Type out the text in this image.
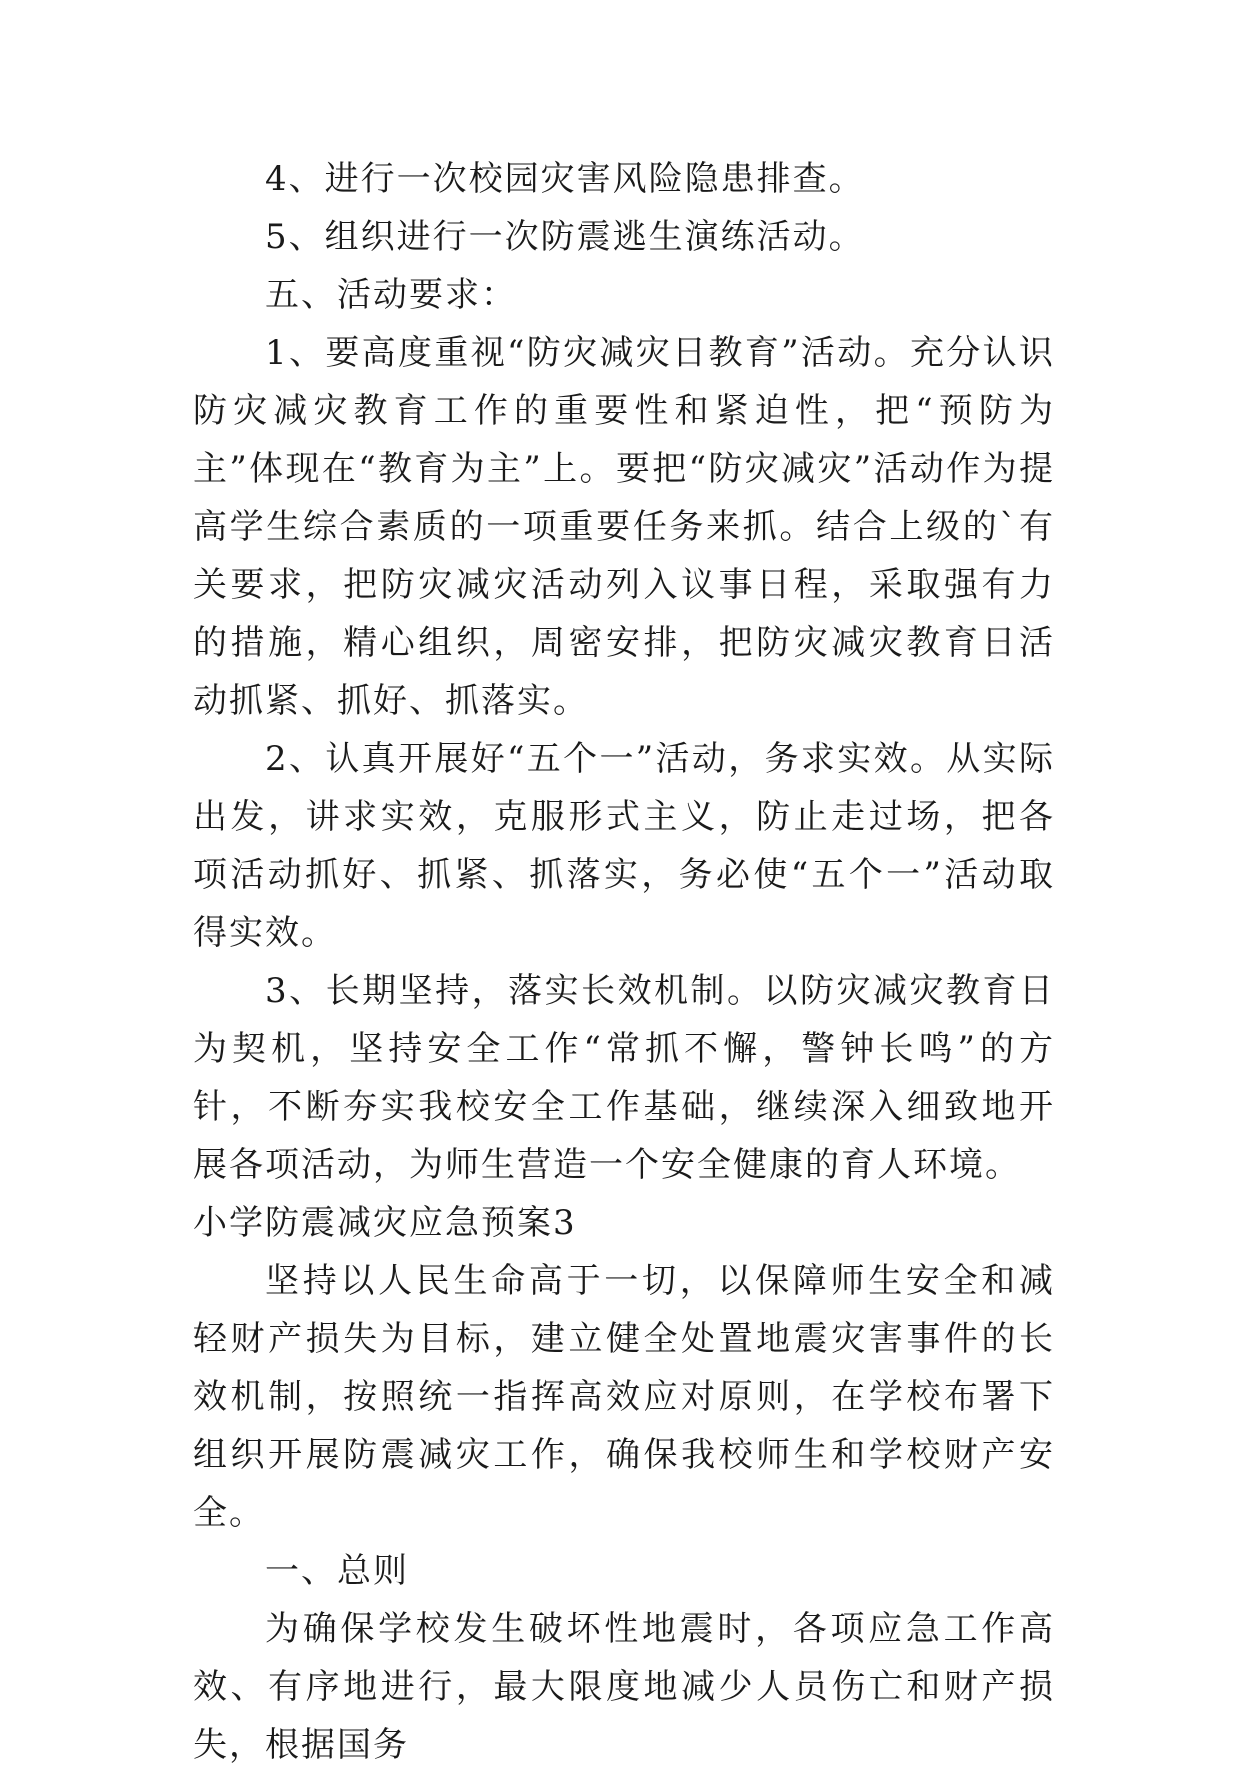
4、进行一次校园灾害风险隐患排查。

5、组织进行一次防震逃生演练活动。

五、活动要求：

1、要高度重视“防灾减灾日教育”活动。充分认识防灾减灾教育工作的重要性和紧迫性，把“预防为主”体现在“教育为主”上。要把“防灾减灾”活动作为提高学生综合素质的一项重要任务来抓。结合上级的`有关要求，把防灾减灾活动列入议事日程，采取强有力的措施，精心组织，周密安排，把防灾减灾教育日活动抓紧、抓好、抓落实。

2、认真开展好“五个一”活动，务求实效。从实际出发，讲求实效，克服形式主义，防止走过场，把各项活动抓好、抓紧、抓落实，务必使“五个一”活动取得实效。

3、长期坚持，落实长效机制。以防灾减灾教育日为契机，坚持安全工作“常抓不懈，警钟长鸣”的方针，不断夯实我校安全工作基础，继续深入细致地开展各项活动，为师生营造一个安全健康的育人环境。

小学防震减灾应急预案3

坚持以人民生命高于一切，以保障师生安全和减轻财产损失为目标，建立健全处置地震灾害事件的长效机制，按照统一指挥高效应对原则，在学校布署下组织开展防震减灾工作，确保我校师生和学校财产安全。

一、总则

为确保学校发生破坏性地震时，各项应急工作高效、有序地进行，最大限度地减少人员伤亡和财产损失，根据国务
